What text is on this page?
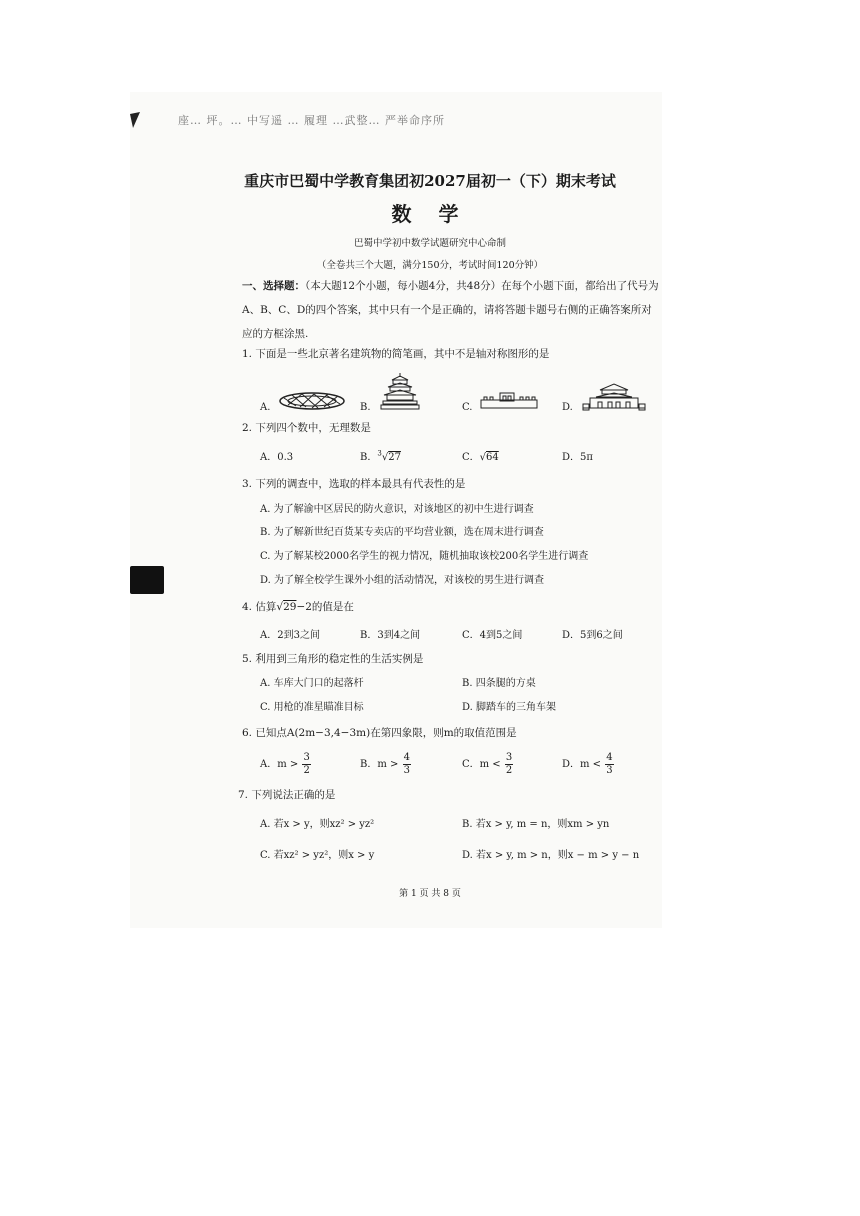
座… 坪。… 中写遥 … 履理 …武整… 严举命序所
重庆市巴蜀中学教育集团初2027届初一（下）期末考试
数 学
巴蜀中学初中数学试题研究中心命制
（全卷共三个大题，满分150分，考试时间120分钟）
一、选择题：（本大题12个小题，每小题4分，共48分）在每个小题下面，都给出了代号为A、B、C、D的四个答案，其中只有一个是正确的，请将答题卡题号右侧的正确答案所对应的方框涂黑.
1. 下面是一些北京著名建筑物的简笔画，其中不是轴对称图形的是
A.	B.	C.	D.
2. 下列四个数中，无理数是
A．0.3	B．$^3$√27	C．√64	D．5π
3. 下列的调查中，选取的样本最具有代表性的是
A. 为了解渝中区居民的防火意识，对该地区的初中生进行调查
B. 为了解新世纪百货某专卖店的平均营业额，选在周末进行调查
C. 为了解某校2000名学生的视力情况，随机抽取该校200名学生进行调查
D. 为了解全校学生课外小组的活动情况，对该校的男生进行调查
4. 估算√29−2的值是在
A．2到3之间	B．3到4之间	C．4到5之间	D．5到6之间
5. 利用到三角形的稳定性的生活实例是
A. 车库大门口的起落杆	B. 四条腿的方桌
C. 用枪的准星瞄准目标	D. 脚踏车的三角车架
6. 已知点A(2m−3,4−3m)在第四象限，则m的取值范围是
A．$m > \frac{3}{2}$	B．$m > \frac{4}{3}$	C．$m < \frac{3}{2}$	D．$m < \frac{4}{3}$
7. 下列说法正确的是
A. 若x > y，则xz² > yz²	B. 若x > y, m = n，则xm > yn
C. 若xz² > yz²，则x > y	D. 若x > y, m > n，则x − m > y − n
第 1 页 共 8 页
